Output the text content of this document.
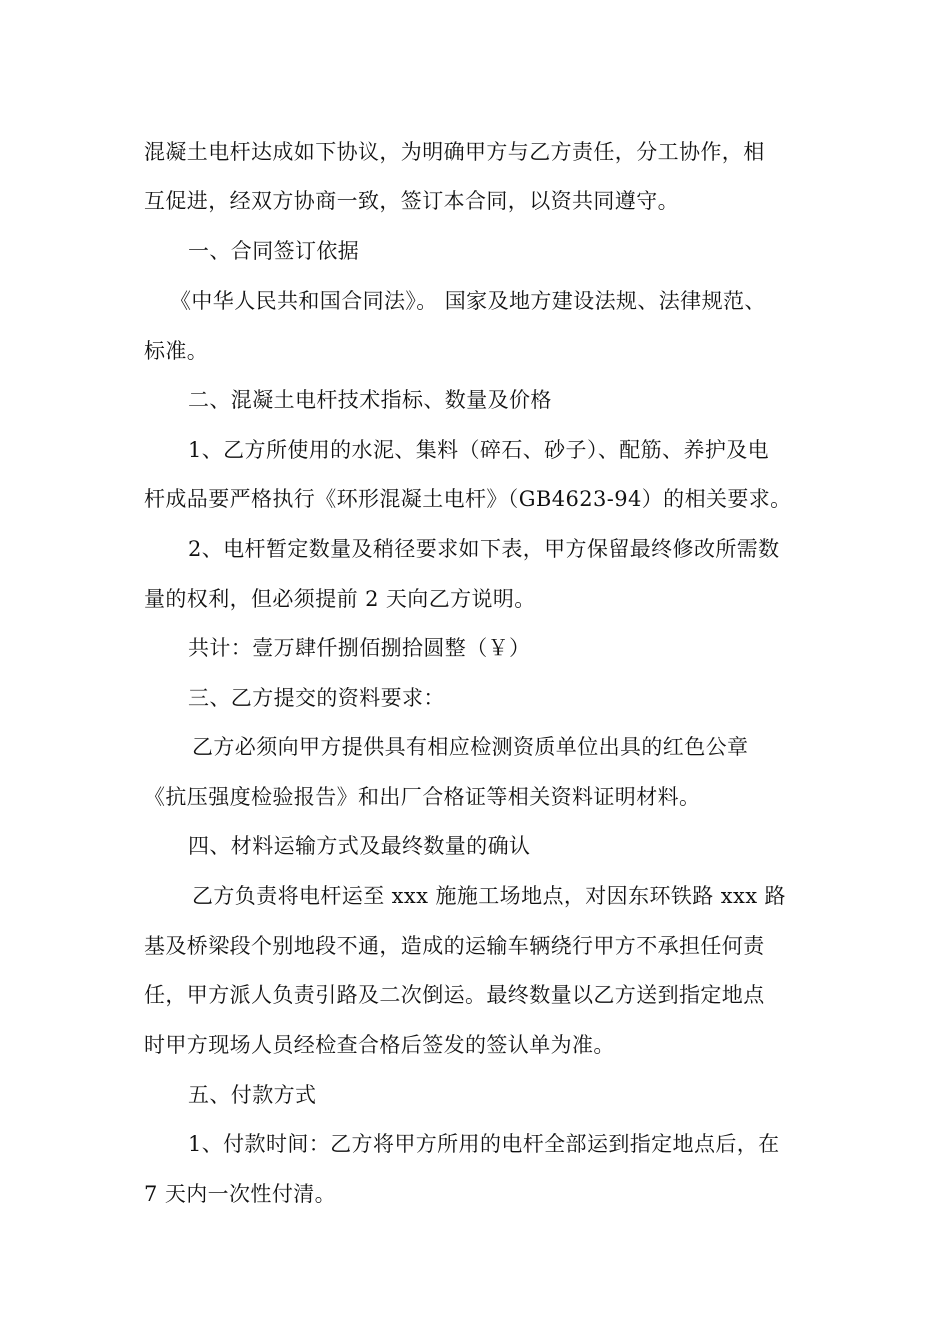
混凝土电杆达成如下协议，为明确甲方与乙方责任，分工协作，相
互促进，经双方协商一致，签订本合同，以资共同遵守。
一、合同签订依据
《中华人民共和国合同法》。 国家及地方建设法规、法律规范、
标准。
二、混凝土电杆技术指标、数量及价格
1、乙方所使用的水泥、集料（碎石、砂子）、配筋、养护及电
杆成品要严格执行《环形混凝土电杆》（GB4623-94）的相关要求。
2、电杆暂定数量及稍径要求如下表，甲方保留最终修改所需数
量的权利，但必须提前 2 天向乙方说明。
共计：壹万肆仟捌佰捌拾圆整（￥）
三、乙方提交的资料要求：
乙方必须向甲方提供具有相应检测资质单位出具的红色公章
《抗压强度检验报告》和出厂合格证等相关资料证明材料。
四、材料运输方式及最终数量的确认
乙方负责将电杆运至 xxx 施施工场地点，对因东环铁路 xxx 路
基及桥梁段个别地段不通，造成的运输车辆绕行甲方不承担任何责
任，甲方派人负责引路及二次倒运。最终数量以乙方送到指定地点
时甲方现场人员经检查合格后签发的签认单为准。
五、付款方式
1、付款时间：乙方将甲方所用的电杆全部运到指定地点后，在
7 天内一次性付清。
